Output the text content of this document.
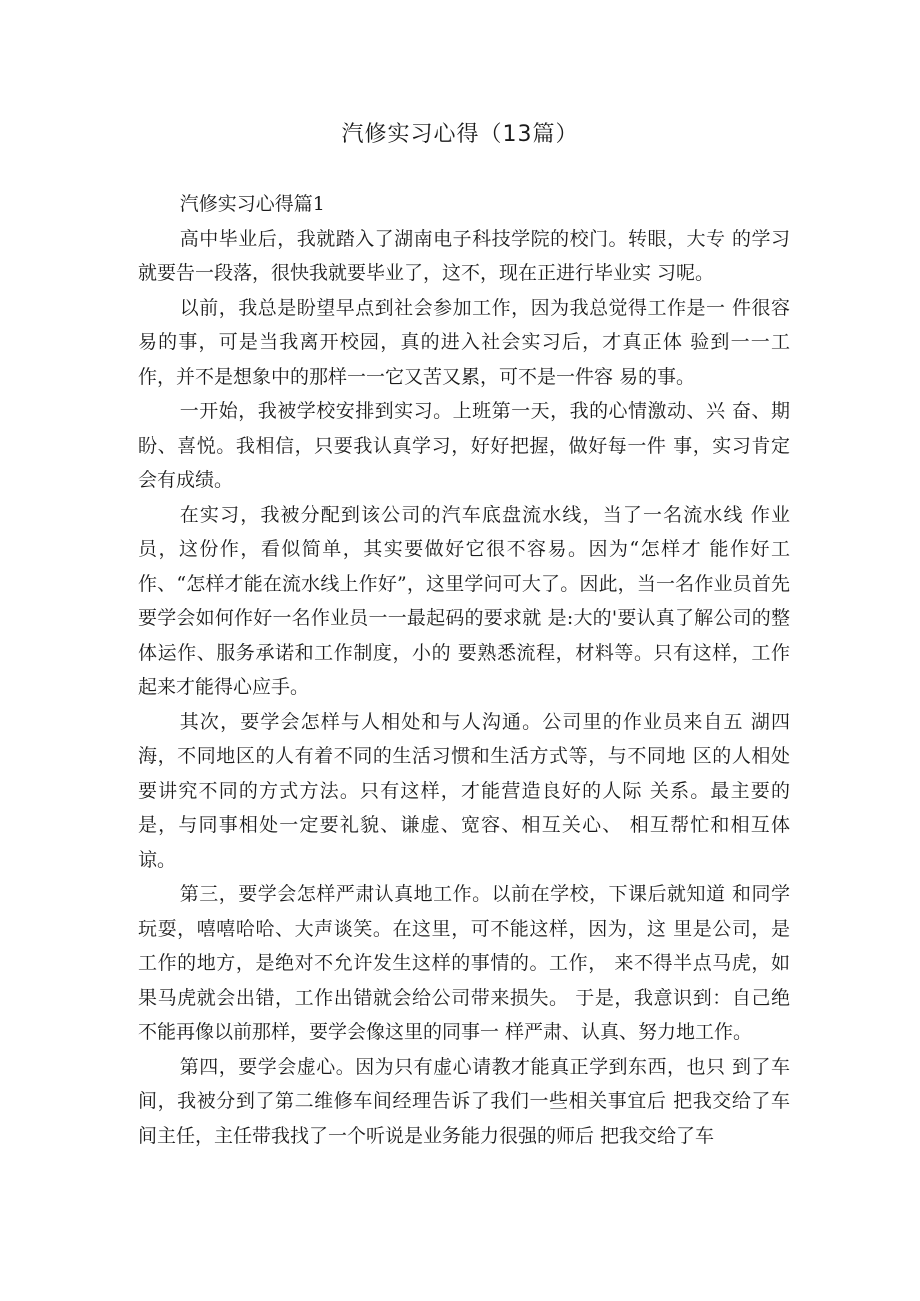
汽修实习心得（13篇）

汽修实习心得篇1

高中毕业后，我就踏入了湖南电子科技学院的校门。转眼，大专 的学习就要告一段落，很快我就要毕业了，这不，现在正进行毕业实 习呢。

以前，我总是盼望早点到社会参加工作，因为我总觉得工作是一 件很容易的事，可是当我离开校园，真的进入社会实习后，才真正体 验到一一工作，并不是想象中的那样一一它又苦又累，可不是一件容 易的事。

一开始，我被学校安排到实习。上班第一天，我的心情激动、兴 奋、期盼、喜悦。我相信，只要我认真学习，好好把握，做好每一件 事，实习肯定会有成绩。

在实习，我被分配到该公司的汽车底盘流水线，当了一名流水线 作业员，这份作，看似简单，其实要做好它很不容易。因为“怎样才 能作好工作、“怎样才能在流水线上作好”，这里学问可大了。因此，当一名作业员首先要学会如何作好一名作业员一一最起码的要求就 是:大的'要认真了解公司的整体运作、服务承诺和工作制度，小的 要熟悉流程，材料等。只有这样，工作起来才能得心应手。

其次，要学会怎样与人相处和与人沟通。公司里的作业员来自五 湖四海，不同地区的人有着不同的生活习惯和生活方式等，与不同地 区的人相处要讲究不同的方式方法。只有这样，才能营造良好的人际 关系。最主要的是，与同事相处一定要礼貌、谦虚、宽容、相互关心、 相互帮忙和相互体谅。

第三，要学会怎样严肃认真地工作。以前在学校，下课后就知道 和同学玩耍，嘻嘻哈哈、大声谈笑。在这里，可不能这样，因为，这 里是公司，是工作的地方，是绝对不允许发生这样的事情的。工作， 来不得半点马虎，如果马虎就会出错，工作出错就会给公司带来损失。 于是，我意识到：自己绝不能再像以前那样，要学会像这里的同事一 样严肃、认真、努力地工作。

第四，要学会虚心。因为只有虚心请教才能真正学到东西，也只 到了车间，我被分到了第二维修车间经理告诉了我们一些相关事宜后 把我交给了车间主任，主任带我找了一个听说是业务能力很强的师后 把我交给了车
